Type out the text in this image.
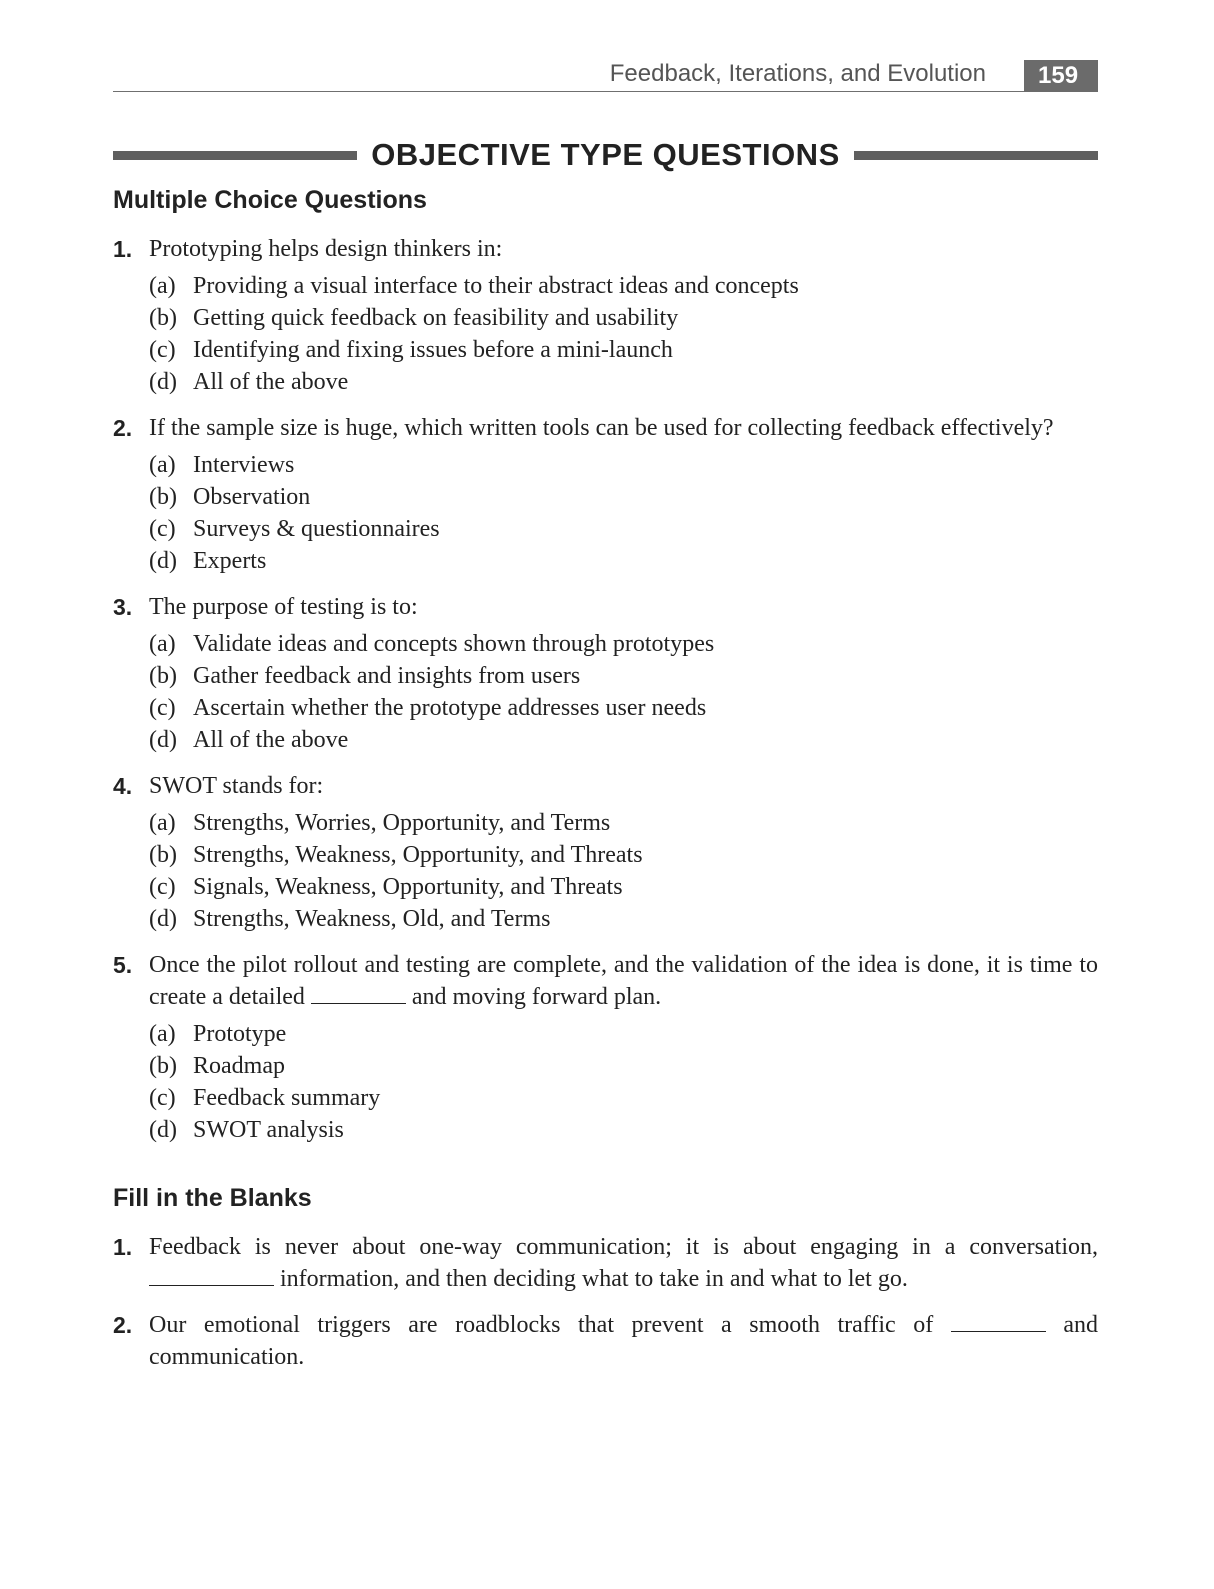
Feedback, Iterations, and Evolution	159
OBJECTIVE TYPE QUESTIONS
Multiple Choice Questions
1. Prototyping helps design thinkers in:
(a) Providing a visual interface to their abstract ideas and concepts
(b) Getting quick feedback on feasibility and usability
(c) Identifying and fixing issues before a mini-launch
(d) All of the above
2. If the sample size is huge, which written tools can be used for collecting feedback effectively?
(a) Interviews
(b) Observation
(c) Surveys & questionnaires
(d) Experts
3. The purpose of testing is to:
(a) Validate ideas and concepts shown through prototypes
(b) Gather feedback and insights from users
(c) Ascertain whether the prototype addresses user needs
(d) All of the above
4. SWOT stands for:
(a) Strengths, Worries, Opportunity, and Terms
(b) Strengths, Weakness, Opportunity, and Threats
(c) Signals, Weakness, Opportunity, and Threats
(d) Strengths, Weakness, Old, and Terms
5. Once the pilot rollout and testing are complete, and the validation of the idea is done, it is time to create a detailed	and moving forward plan.
(a) Prototype
(b) Roadmap
(c) Feedback summary
(d) SWOT analysis
Fill in the Blanks
1. Feedback is never about one-way communication; it is about engaging in a conversation,  information, and then deciding what to take in and what to let go.
2. Our emotional triggers are roadblocks that prevent a smooth traffic of	and communication.
